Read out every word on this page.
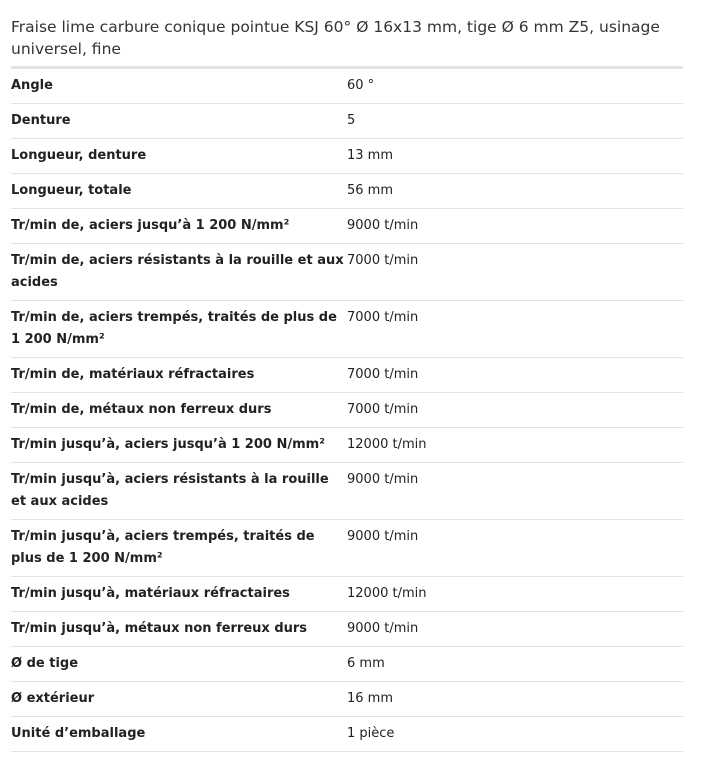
Fraise lime carbure conique pointue KSJ 60° Ø 16x13 mm, tige Ø 6 mm Z5, usinage universel, fine
Angle	60 °
Denture	5
Longueur, denture	13 mm
Longueur, totale	56 mm
Tr/min de, aciers jusqu’à 1 200 N/mm²	9000 t/min
Tr/min de, aciers résistants à la rouille et aux acides	7000 t/min
Tr/min de, aciers trempés, traités de plus de 1 200 N/mm²	7000 t/min
Tr/min de, matériaux réfractaires	7000 t/min
Tr/min de, métaux non ferreux durs	7000 t/min
Tr/min jusqu’à, aciers jusqu’à 1 200 N/mm²	12000 t/min
Tr/min jusqu’à, aciers résistants à la rouille et aux acides	9000 t/min
Tr/min jusqu’à, aciers trempés, traités de plus de 1 200 N/mm²	9000 t/min
Tr/min jusqu’à, matériaux réfractaires	12000 t/min
Tr/min jusqu’à, métaux non ferreux durs	9000 t/min
Ø de tige	6 mm
Ø extérieur	16 mm
Unité d’emballage	1 pièce
